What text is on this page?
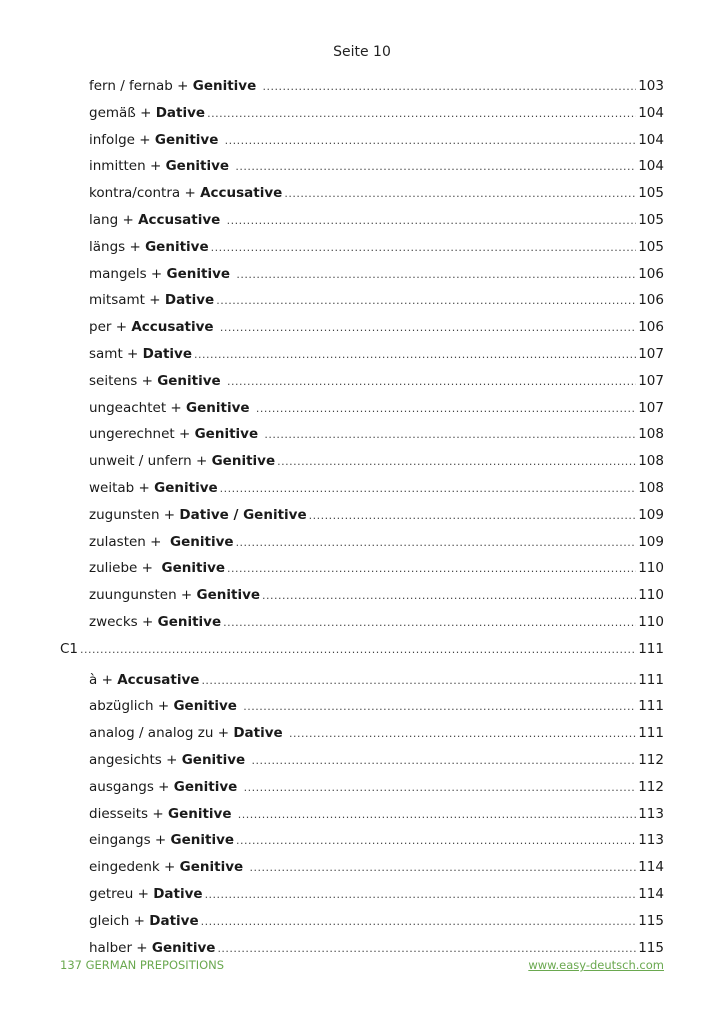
Seite 10
fern / fernab + Genitive .....	103
gemäß + Dative .....	104
infolge + Genitive .....	104
inmitten + Genitive .....	104
kontra/contra + Accusative .....	105
lang + Accusative .....	105
längs + Genitive .....	105
mangels + Genitive .....	106
mitsamt + Dative .....	106
per + Accusative .....	106
samt + Dative .....	107
seitens + Genitive .....	107
ungeachtet + Genitive .....	107
ungerechnet + Genitive .....	108
unweit / unfern + Genitive .....	108
weitab + Genitive .....	108
zugunsten + Dative / Genitive .....	109
zulasten +  Genitive .....	109
zuliebe +  Genitive .....	110
zuungunsten + Genitive .....	110
zwecks + Genitive .....	110
C1 .....	111
à + Accusative .....	111
abzüglich + Genitive .....	111
analog / analog zu + Dative .....	111
angesichts + Genitive .....	112
ausgangs + Genitive .....	112
diesseits + Genitive .....	113
eingangs + Genitive .....	113
eingedenk + Genitive .....	114
getreu + Dative .....	114
gleich + Dative .....	115
halber + Genitive .....	115
137 GERMAN PREPOSITIONS	www.easy-deutsch.com
